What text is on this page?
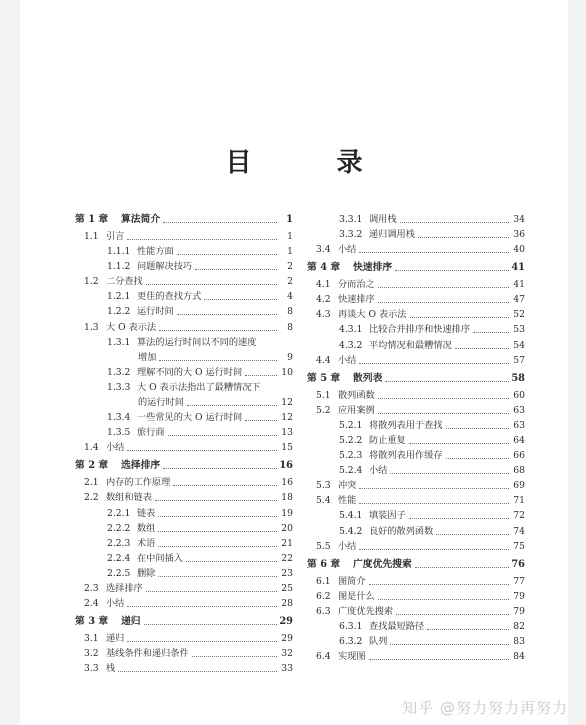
目 录
第 1 章	算法简介	1
1.1 引言	1
1.1.1 性能方面	1
1.1.2 问题解决技巧	2
1.2 二分查找	2
1.2.1 更佳的查找方式	4
1.2.2 运行时间	8
1.3 大 O 表示法	8
1.3.1 算法的运行时间以不同的速度
增加	9
1.3.2 理解不同的大 O 运行时间	10
1.3.3 大 O 表示法指出了最糟情况下
的运行时间	12
1.3.4 一些常见的大 O 运行时间	12
1.3.5 旅行商	13
1.4 小结	15
第 2 章	选择排序	16
2.1 内存的工作原理	16
2.2 数组和链表	18
2.2.1 链表	19
2.2.2 数组	20
2.2.3 术语	21
2.2.4 在中间插入	22
2.2.5 删除	23
2.3 选择排序	25
2.4 小结	28
第 3 章	递归	29
3.1 递归	29
3.2 基线条件和递归条件	32
3.3 栈	33
3.3.1 调用栈	34
3.3.2 递归调用栈	36
3.4 小结	40
第 4 章	快速排序	41
4.1 分而治之	41
4.2 快速排序	47
4.3 再谈大 O 表示法	52
4.3.1 比较合并排序和快速排序	53
4.3.2 平均情况和最糟情况	54
4.4 小结	57
第 5 章	散列表	58
5.1 散列函数	60
5.2 应用案例	63
5.2.1 将散列表用于查找	63
5.2.2 防止重复	64
5.2.3 将散列表用作缓存	66
5.2.4 小结	68
5.3 冲突	69
5.4 性能	71
5.4.1 填装因子	72
5.4.2 良好的散列函数	74
5.5 小结	75
第 6 章	广度优先搜索	76
6.1 图简介	77
6.2 图是什么	79
6.3 广度优先搜索	79
6.3.1 查找最短路径	82
6.3.2 队列	83
6.4 实现图	84
知乎 @努力努力再努力
